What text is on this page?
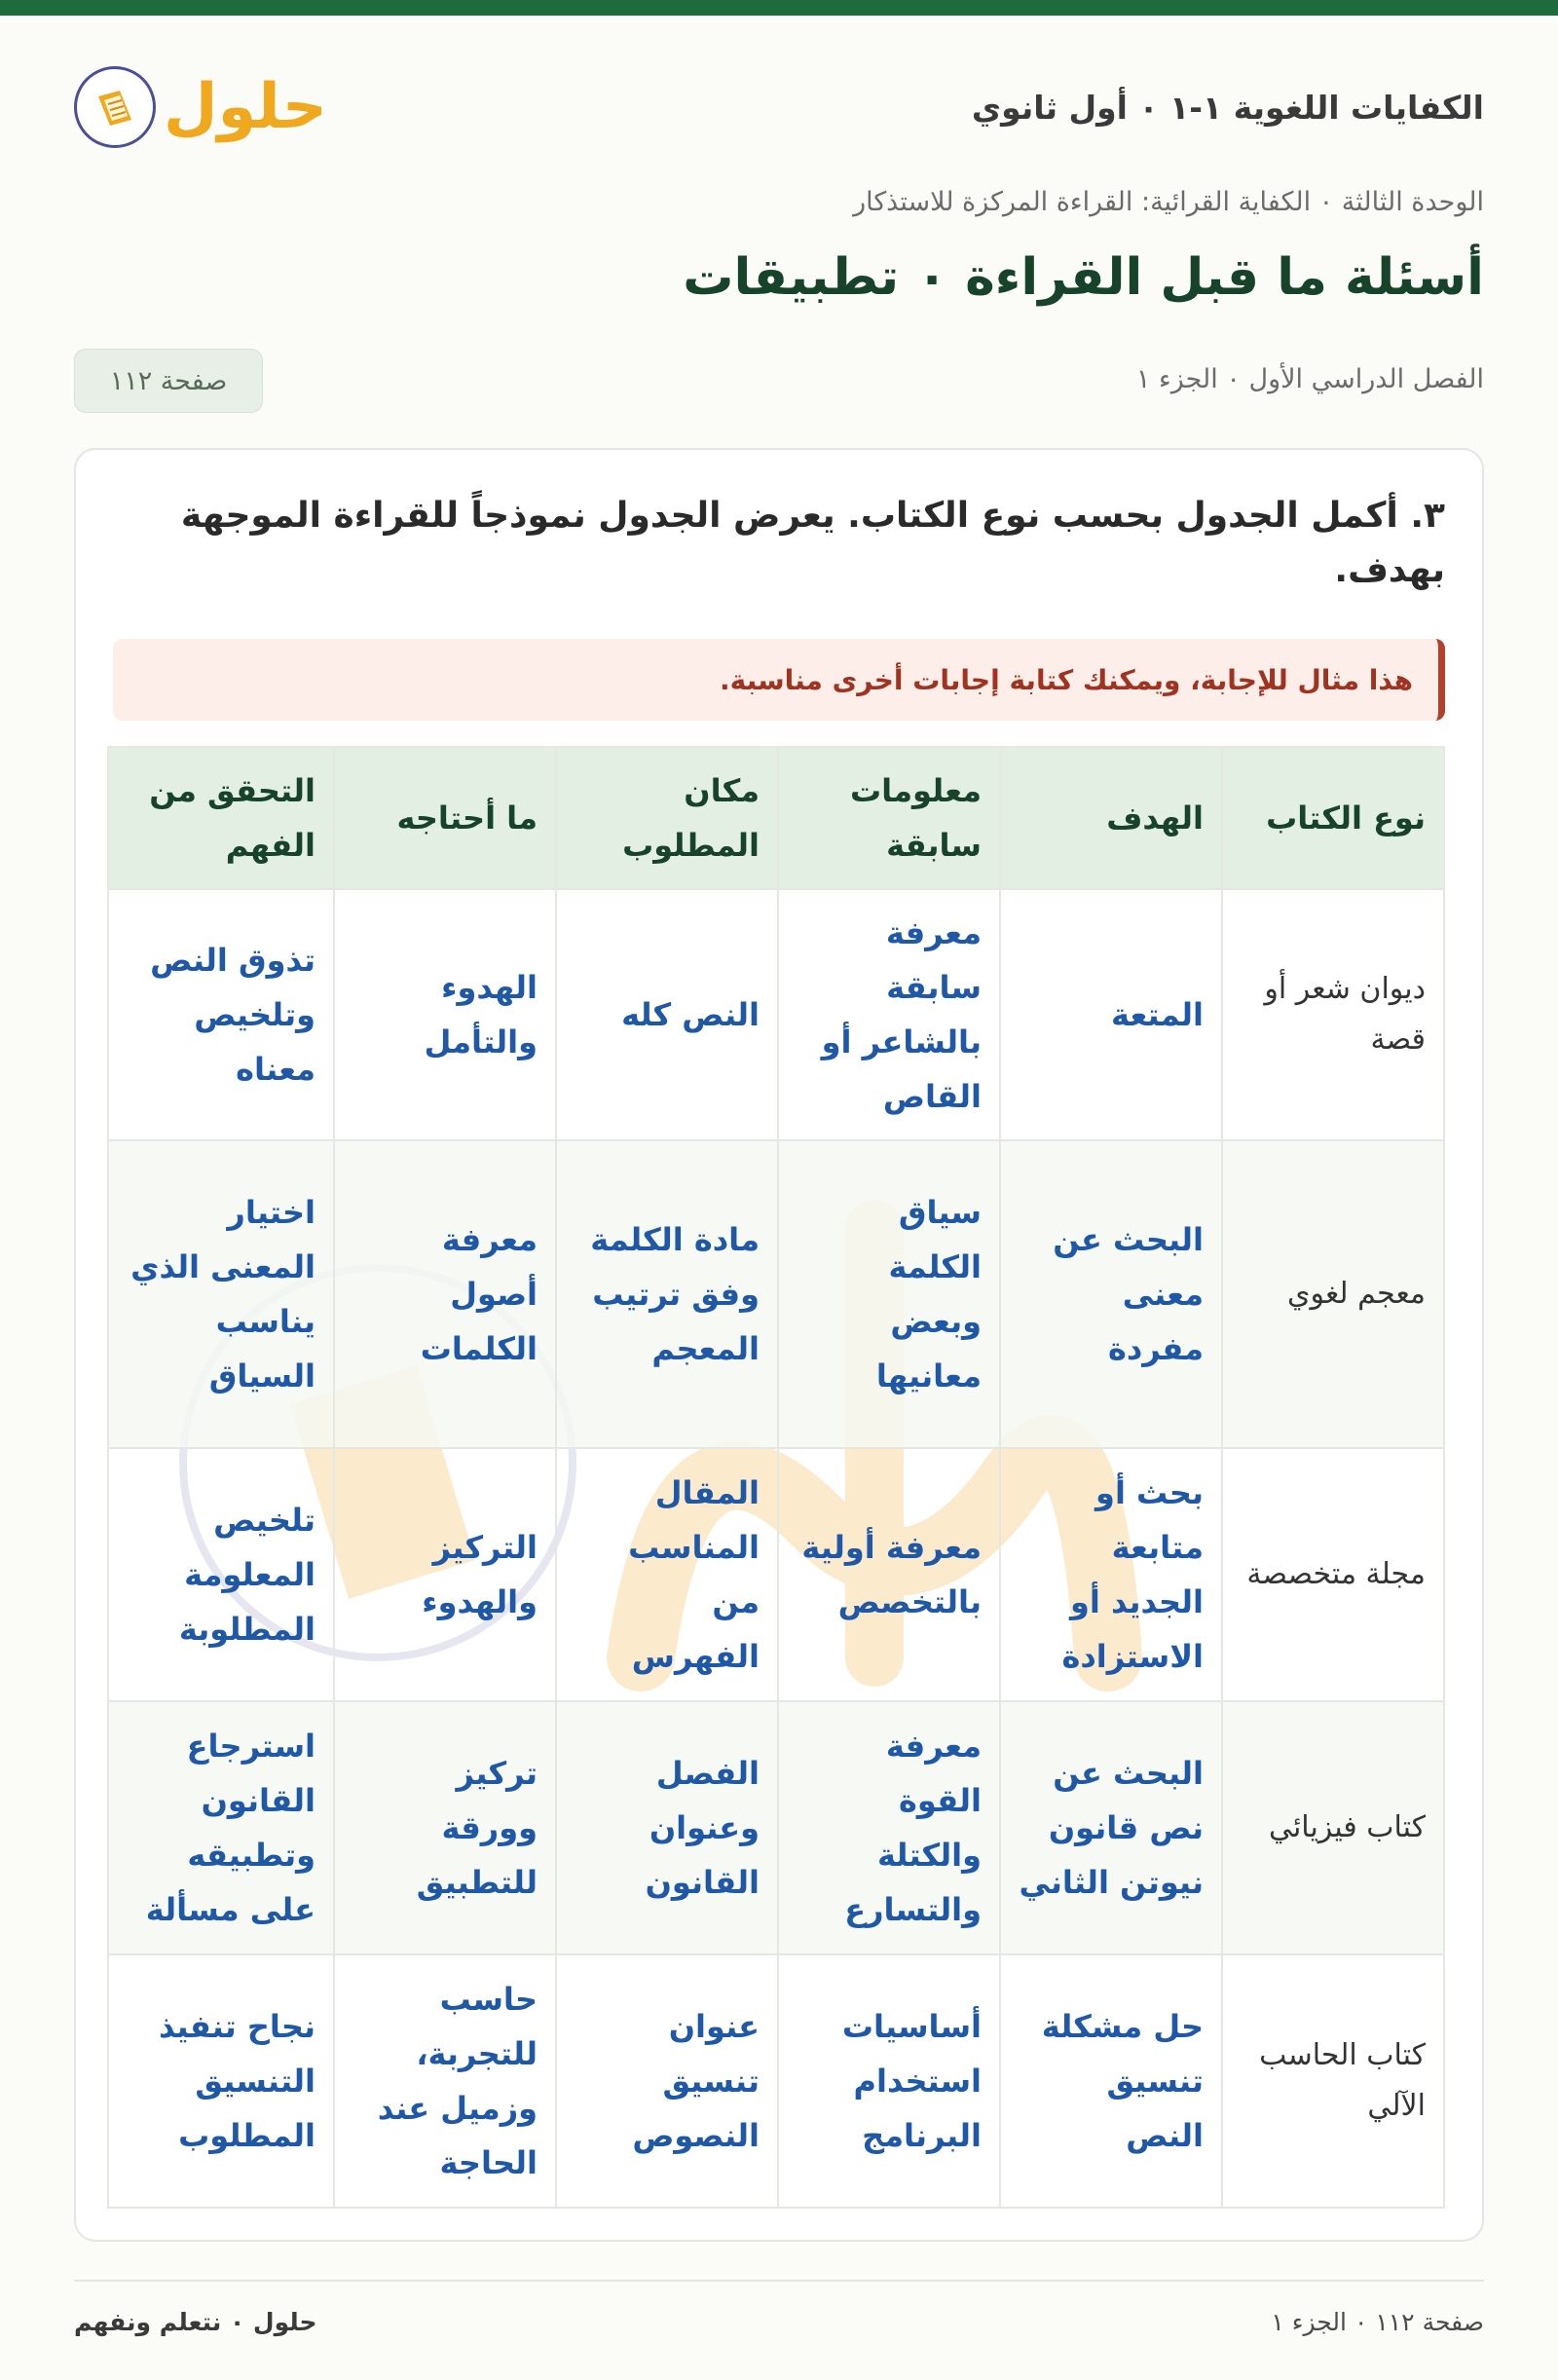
الكفايات اللغوية ١-١ ٠ أول ثانوي
حلول
الوحدة الثالثة ٠ الكفاية القرائية: القراءة المركزة للاستذكار
أسئلة ما قبل القراءة ٠ تطبيقات
الفصل الدراسي الأول ٠ الجزء ١
صفحة ١١٢

٣. أكمل الجدول بحسب نوع الكتاب. يعرض الجدول نموذجاً للقراءة الموجهة بهدف.

هذا مثال للإجابة، ويمكنك كتابة إجابات أخرى مناسبة.
نوع الكتاب	الهدف	معلومات سابقة	مكان المطلوب	ما أحتاجه	التحقق من الفهم
ديوان شعر أو قصة	المتعة	معرفة سابقة بالشاعر أو القاص	النص كله	الهدوء والتأمل	تذوق النص وتلخيص معناه
معجم لغوي	البحث عن معنى مفردة	سياق الكلمة وبعض معانيها	مادة الكلمة وفق ترتيب المعجم	معرفة أصول الكلمات	اختيار المعنى الذي يناسب السياق
مجلة متخصصة	بحث أو متابعة الجديد أو الاستزادة	معرفة أولية بالتخصص	المقال المناسب من الفهرس	التركيز والهدوء	تلخيص المعلومة المطلوبة
كتاب فيزيائي	البحث عن نص قانون نيوتن الثاني	معرفة القوة والكتلة والتسارع	الفصل وعنوان القانون	تركيز وورقة للتطبيق	استرجاع القانون وتطبيقه على مسألة
كتاب الحاسب الآلي	حل مشكلة تنسيق النص	أساسيات استخدام البرنامج	عنوان تنسيق النصوص	حاسب للتجربة، وزميل عند الحاجة	نجاح تنفيذ التنسيق المطلوب
صفحة ١١٢ ٠ الجزء ١
حلول ٠ نتعلم ونفهم
